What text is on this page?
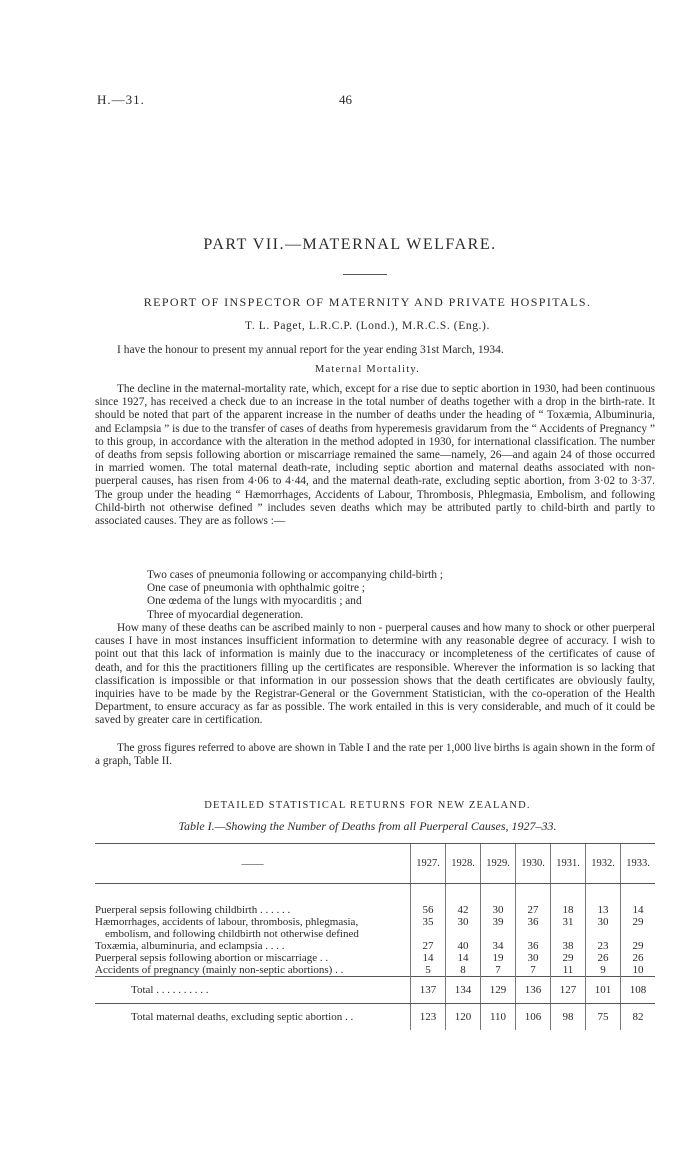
H.—31.	46
PART VII.—MATERNAL WELFARE.
REPORT OF INSPECTOR OF MATERNITY AND PRIVATE HOSPITALS.
T. L. Paget, L.R.C.P. (Lond.), M.R.C.S. (Eng.).
I have the honour to present my annual report for the year ending 31st March, 1934.
Maternal Mortality.

The decline in the maternal-mortality rate, which, except for a rise due to septic abortion in 1930, had been continuous since 1927, has received a check due to an increase in the total number of deaths together with a drop in the birth-rate. It should be noted that part of the apparent increase in the number of deaths under the heading of “ Toxæmia, Albuminuria, and Eclampsia ” is due to the transfer of cases of deaths from hyperemesis gravidarum from the “ Accidents of Pregnancy ” to this group, in accordance with the alteration in the method adopted in 1930, for international classification. The number of deaths from sepsis following abortion or miscarriage remained the same—namely, 26—and again 24 of those occurred in married women. The total maternal death-rate, including septic abortion and maternal deaths associated with non-puerperal causes, has risen from 4·06 to 4·44, and the maternal death-rate, excluding septic abortion, from 3·02 to 3·37. The group under the heading “ Hæmorrhages, Accidents of Labour, Thrombosis, Phlegmasia, Embolism, and following Child-birth not otherwise defined ” includes seven deaths which may be attributed partly to child-birth and partly to associated causes. They are as follows :—

Two cases of pneumonia following or accompanying child-birth ;
One case of pneumonia with ophthalmic goitre ;
One œdema of the lungs with myocarditis ; and
Three of myocardial degeneration.

How many of these deaths can be ascribed mainly to non - puerperal causes and how many to shock or other puerperal causes I have in most instances insufficient information to determine with any reasonable degree of accuracy. I wish to point out that this lack of information is mainly due to the inaccuracy or incompleteness of the certificates of cause of death, and for this the practitioners filling up the certificates are responsible. Wherever the information is so lacking that classification is impossible or that information in our possession shows that the death certificates are obviously faulty, inquiries have to be made by the Registrar-General or the Government Statistician, with the co-operation of the Health Department, to ensure accuracy as far as possible. The work entailed in this is very considerable, and much of it could be saved by greater care in certification.

The gross figures referred to above are shown in Table I and the rate per 1,000 live births is again shown in the form of a graph, Table II.

DETAILED STATISTICAL RETURNS FOR NEW ZEALAND.
Table I.—Showing the Number of Deaths from all Puerperal Causes, 1927–33.
——	1927.	1928.	1929.	1930.	1931.	1932.	1933.

Puerperal sepsis following childbirth . . . . . .	56	42	30	27	18	13	14
Hæmorrhages, accidents of labour, thrombosis, phlegmasia,	35	30	39	36	31	30	29
embolism, and following childbirth not otherwise defined							
Toxæmia, albuminuria, and eclampsia . . . .	27	40	34	36	38	23	29
Puerperal sepsis following abortion or miscarriage . .	14	14	19	30	29	26	26
Accidents of pregnancy (mainly non-septic abortions) . .	5	8	7	7	11	9	10
Total . . . . . . . . . .	137	134	129	136	127	101	108
Total maternal deaths, excluding septic abortion . .	123	120	110	106	98	75	82
